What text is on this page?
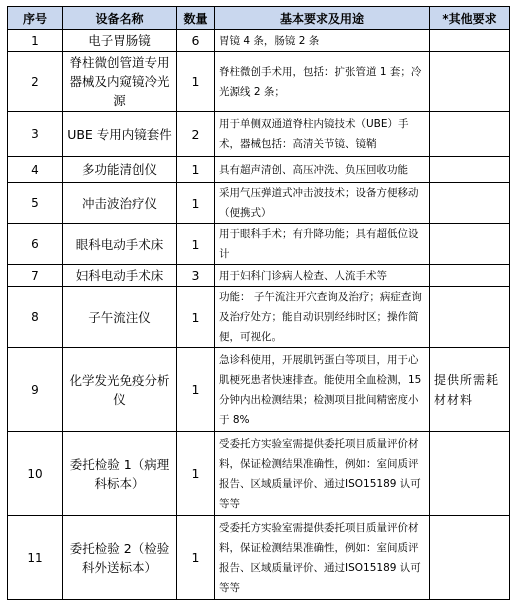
序号	设备名称	数量	基本要求及用途	*其他要求
1	电子胃肠镜	6	胃镜 4 条，肠镜 2 条	
2	脊柱微创管道专用器械及内窥镜冷光源	1	脊柱微创手术用，包括：扩张管道 1 套；冷光源线 2 条；	
3	UBE 专用内镜套件	2	用于单侧双通道脊柱内镜技术（UBE）手术，器械包括：高清关节镜、镜鞘	
4	多功能清创仪	1	具有超声清创、高压冲洗、负压回收功能	
5	冲击波治疗仪	1	采用气压弹道式冲击波技术；设备方便移动（便携式）	
6	眼科电动手术床	1	用于眼科手术；有升降功能；具有超低位设计	
7	妇科电动手术床	3	用于妇科门诊病人检查、人流手术等	
8	子午流注仪	1	功能： 子午流注开穴查询及治疗；病症查询及治疗处方；能自动识别经纬时区；操作简便，可视化。	
9	化学发光免疫分析仪	1	急诊科使用，开展肌钙蛋白等项目，用于心肌梗死患者快速排查。能使用全血检测，15 分钟内出检测结果；检测项目批间精密度小于 8%	提供所需耗材材料
10	委托检验 1（病理科标本）	1	受委托方实验室需提供委托项目质量评价材料，保证检测结果准确性，例如：室间质评报告、区域质量评价、通过ISO15189 认可等等	
11	委托检验 2（检验科外送标本）	1	受委托方实验室需提供委托项目质量评价材料，保证检测结果准确性，例如：室间质评报告、区域质量评价、通过ISO15189 认可等等	
